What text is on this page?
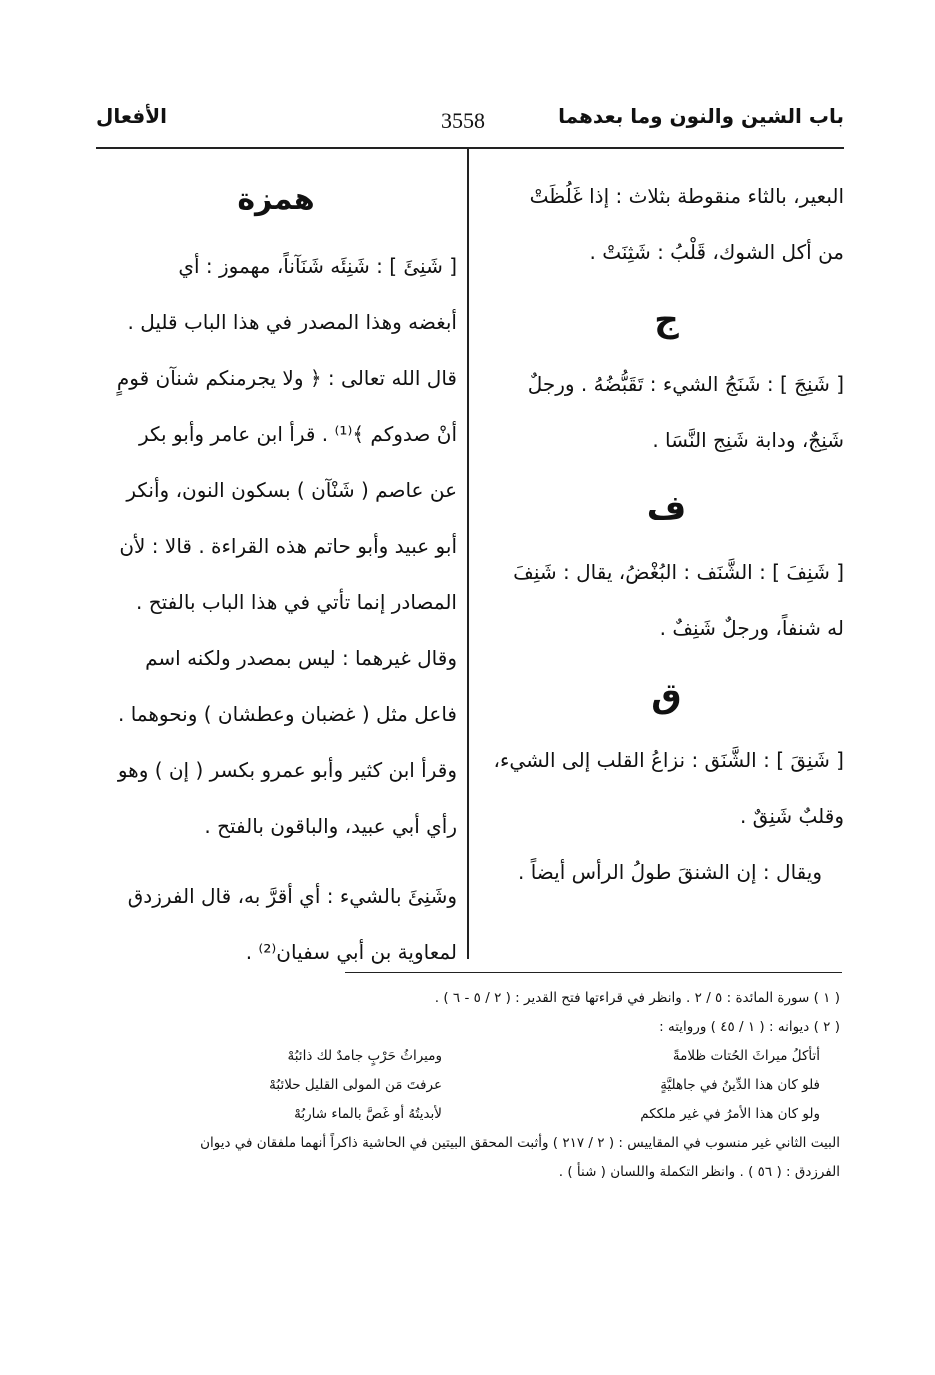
باب الشين والنون وما بعدهما
3558
الأفعال

البعير، بالثاء منقوطة بثلاث : إذا غَلُظَتْ

من أكل الشوك، قَلْبُ : شَثِنَتْ .

ج

[ شَنِجَ ] : شَنَجُ الشيء : تَقَبُّضُهُ . ورجلٌ

شَنِجٌ، ودابة شَنِج النَّسَا .

ف

[ شَنِفَ ] : الشَّنَف : البُغْضُ، يقال : شَنِفَ

له شنفاً، ورجلٌ شَنِفٌ .

ق

[ شَنِقَ ] : الشَّنَق : نزاعُ القلب إلى الشيء،

وقلبٌ شَنِقٌ .

ويقال : إن الشنقَ طولُ الرأس أيضاً .

همزة

[ شَنِئَ ] : شَنِئَه شَنَآناً، مهموز : أي

أبغضه وهذا المصدر في هذا الباب قليل .

قال الله تعالى : ﴿ ولا يجرمنكم شنآن قومٍ

أنْ صدوكم ﴾⁽¹⁾ . قرأ ابن عامر وأبو بكر

عن عاصم ( شَنْآن ) بسكون النون، وأنكر

أبو عبيد وأبو حاتم هذه القراءة . قالا : لأن

المصادر إنما تأتي في هذا الباب بالفتح .

وقال غيرهما : ليس بمصدر ولكنه اسم

فاعل مثل ( غضبان وعطشان ) ونحوهما .

وقرأ ابن كثير وأبو عمرو بكسر ( إن ) وهو

رأي أبي عبيد، والباقون بالفتح .

وشَنِئَ بالشيء : أي أقرَّ به، قال الفرزدق

لمعاوية بن أبي سفيان⁽²⁾ .

( ١ ) سورة المائدة : ٥ / ٢ . وانظر في قراءتها فتح القدير : ( ٢ / ٥ - ٦ ) .

( ٢ ) ديوانه : ( ١ / ٤٥ ) وروايته :

أتأكلُ ميراثَ الحُتات ظلامةً
وميراثُ حَرْبٍ جامدٌ لك ذائبُهْ
فلو كان هذا الدِّينُ في جاهليَّةٍ
عرفتَ مَن المولى القليل حلائبُهْ
ولو كان هذا الأمرُ في غير ملككم
لأبديتُهُ أو غَصَّ بالماء شاربُهْ

البيت الثاني غير منسوب في المقاييس : ( ٢ / ٢١٧ ) وأثبت المحقق البيتين في الحاشية ذاكراً أنهما ملفقان في ديوان

الفرزدق : ( ٥٦ ) . وانظر التكملة واللسان ( شنأ ) .
